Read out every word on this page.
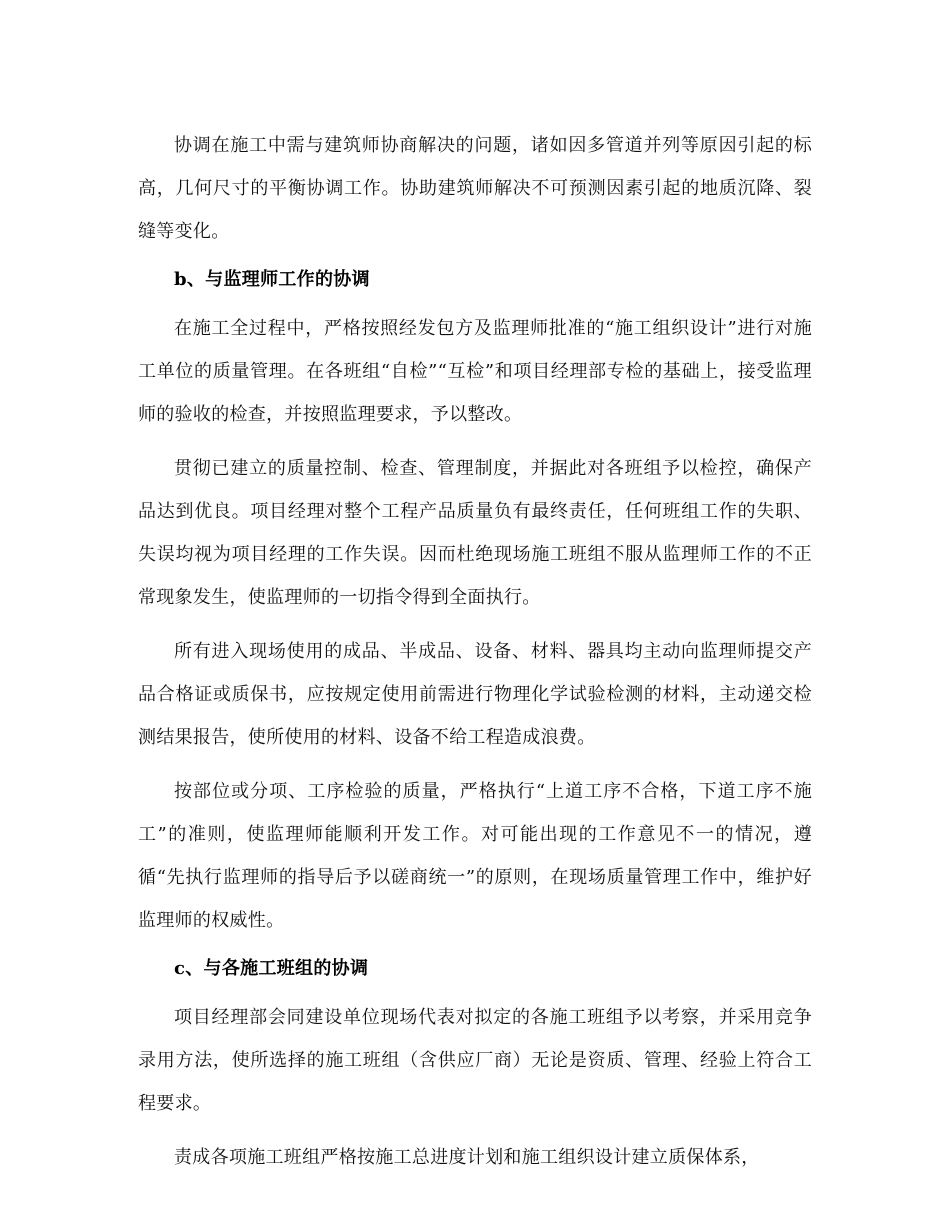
协调在施工中需与建筑师协商解决的问题，诸如因多管道并列等原因引起的标高，几何尺寸的平衡协调工作。协助建筑师解决不可预测因素引起的地质沉降、裂缝等变化。

b、与监理师工作的协调

在施工全过程中，严格按照经发包方及监理师批准的“施工组织设计”进行对施工单位的质量管理。在各班组“自检”“互检”和项目经理部专检的基础上，接受监理师的验收的检查，并按照监理要求，予以整改。

贯彻已建立的质量控制、检查、管理制度，并据此对各班组予以检控，确保产品达到优良。项目经理对整个工程产品质量负有最终责任，任何班组工作的失职、失误均视为项目经理的工作失误。因而杜绝现场施工班组不服从监理师工作的不正常现象发生，使监理师的一切指令得到全面执行。

所有进入现场使用的成品、半成品、设备、材料、器具均主动向监理师提交产品合格证或质保书，应按规定使用前需进行物理化学试验检测的材料，主动递交检测结果报告，使所使用的材料、设备不给工程造成浪费。

按部位或分项、工序检验的质量，严格执行“上道工序不合格，下道工序不施工”的准则，使监理师能顺利开发工作。对可能出现的工作意见不一的情况，遵循“先执行监理师的指导后予以磋商统一”的原则，在现场质量管理工作中，维护好监理师的权威性。

c、与各施工班组的协调

项目经理部会同建设单位现场代表对拟定的各施工班组予以考察，并采用竞争录用方法，使所选择的施工班组（含供应厂商）无论是资质、管理、经验上符合工程要求。

责成各项施工班组严格按施工总进度计划和施工组织设计建立质保体系，
